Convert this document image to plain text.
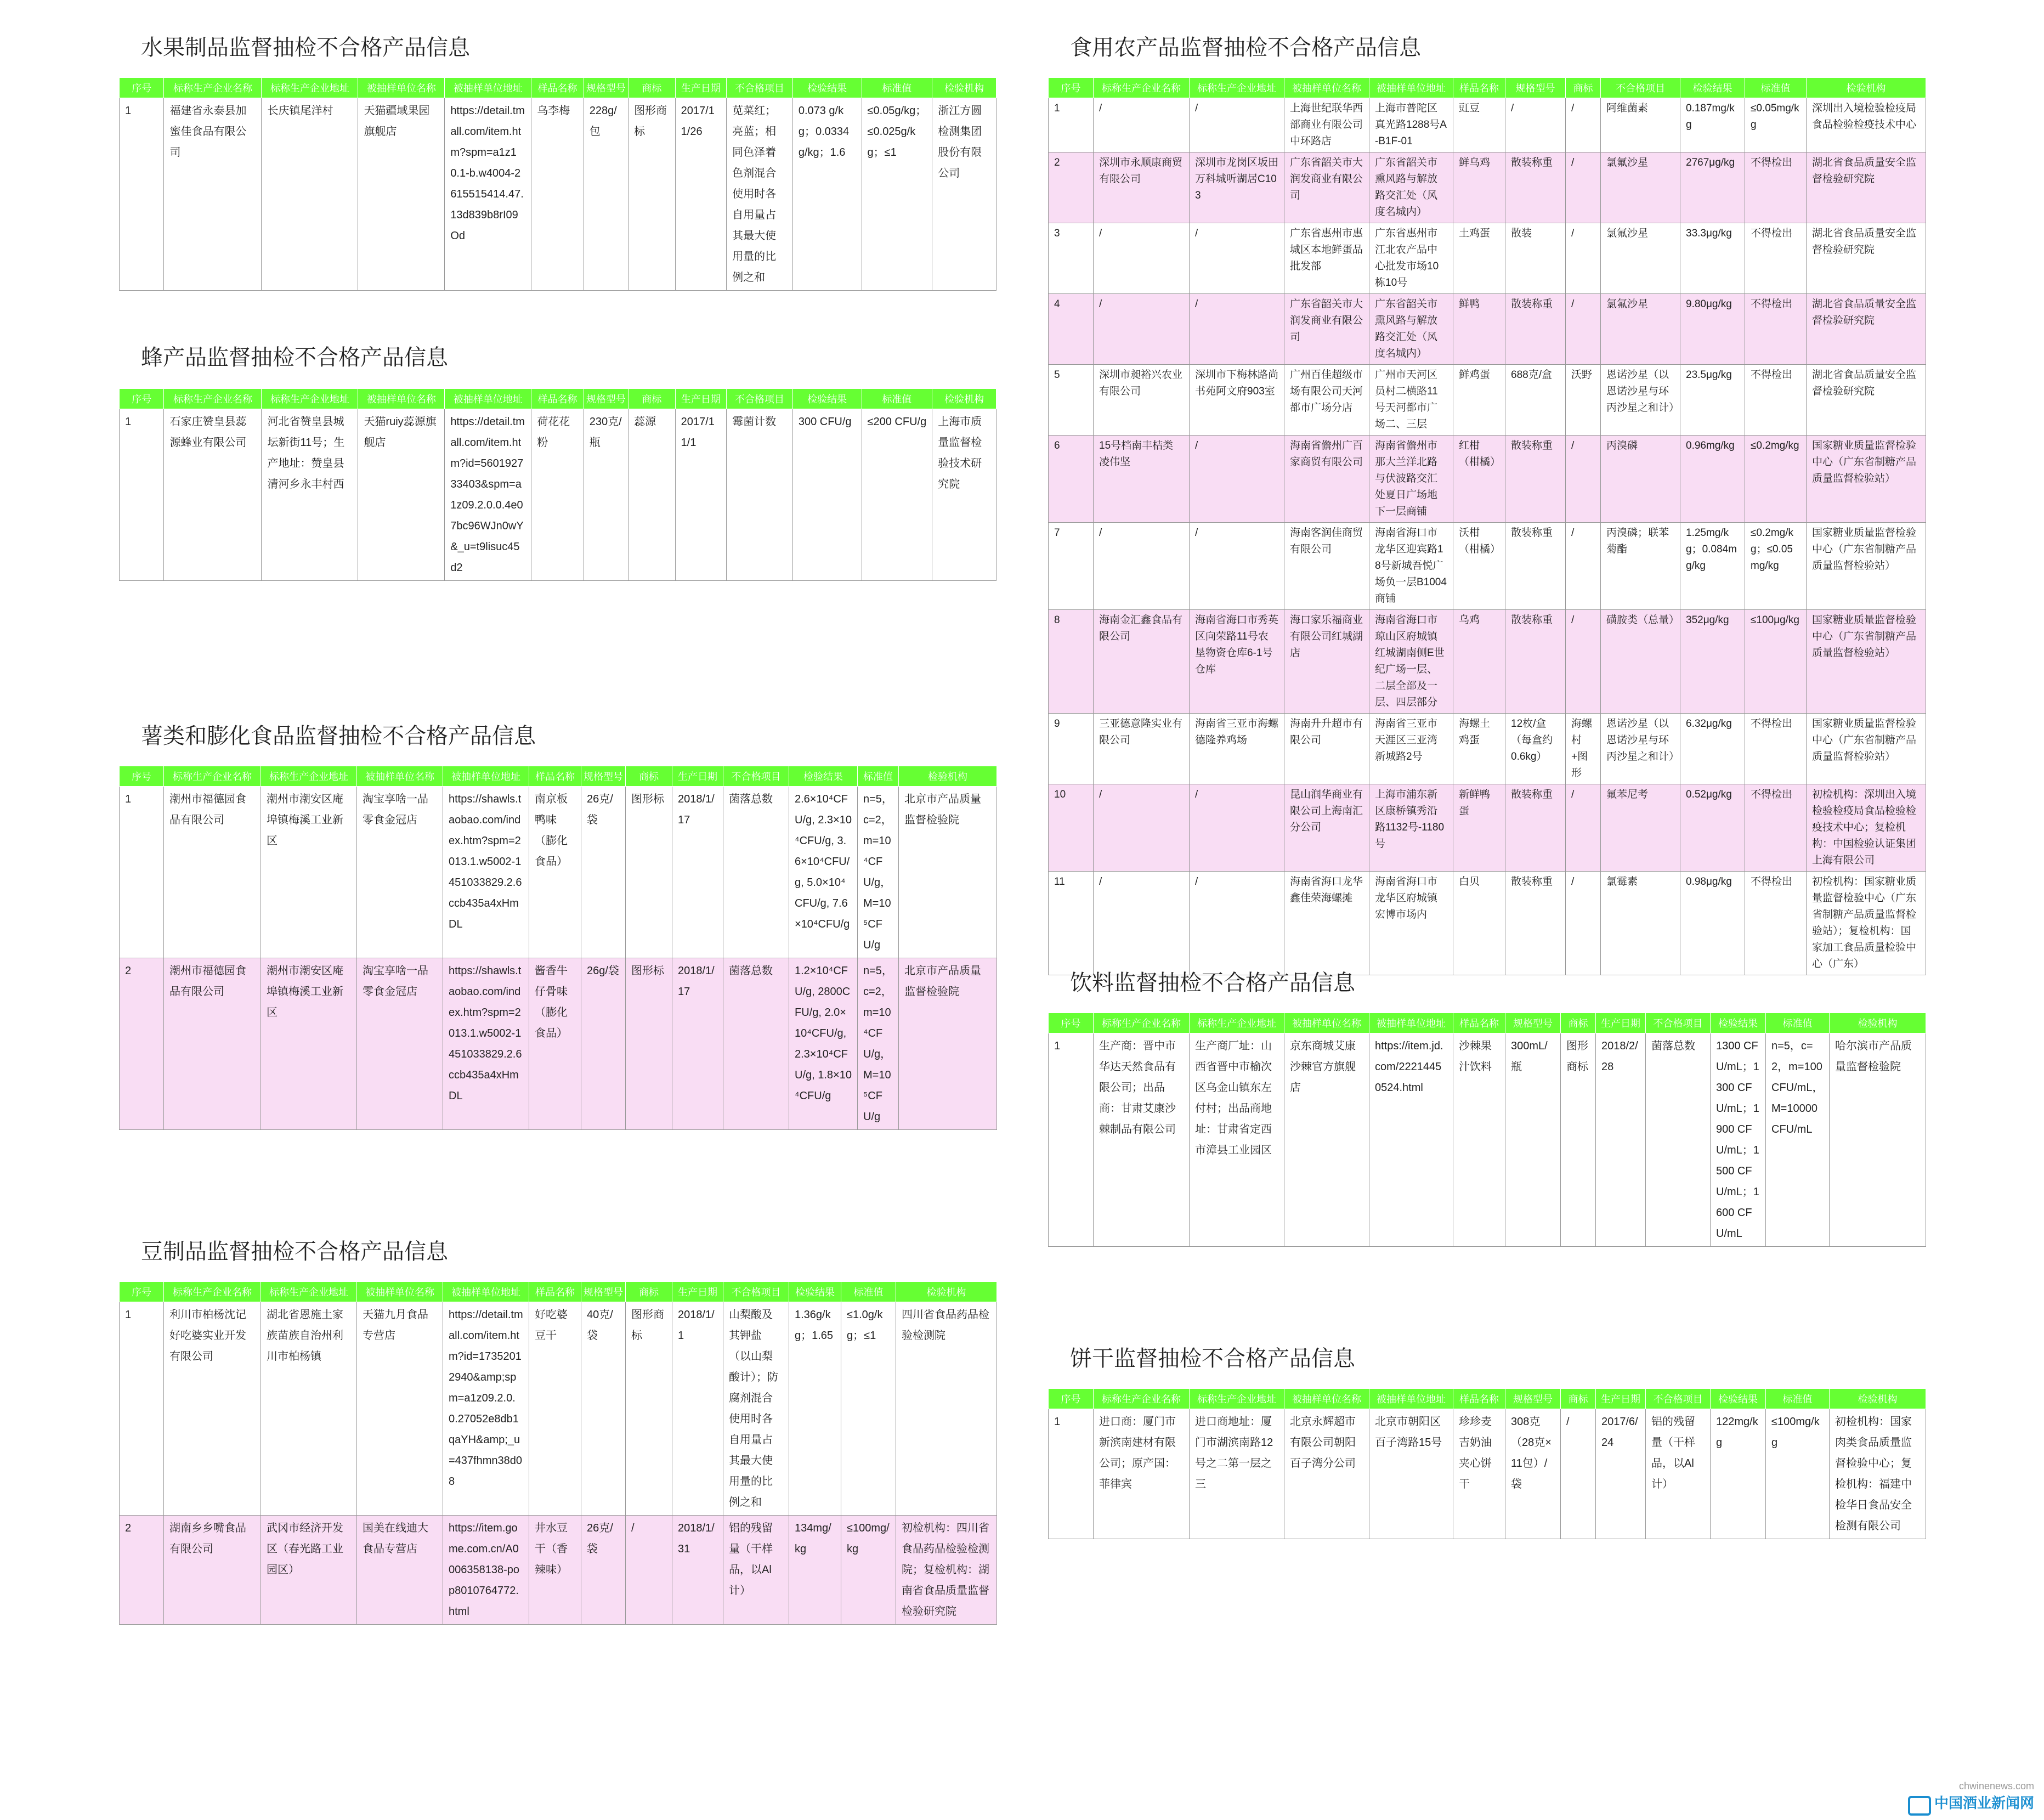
水果制品监督抽检不合格产品信息
序号	标称生产企业名称	标称生产企业地址	被抽样单位名称	被抽样单位地址	样品名称	规格型号	商标	生产日期	不合格项目	检验结果	标准值	检验机构
1	福建省永泰县加蜜佳食品有限公司	长庆镇尾洋村	天猫疆域果园旗舰店	https://detail.tmall.com/item.htm?spm=a1z10.1-b.w4004-2615515414.47.13d839b8rI09Od	乌李梅	228g/包	图形商标	2017/11/26	苋菜红；亮蓝；相同色泽着色剂混合使用时各自用量占其最大使用量的比例之和	0.073 g/kg；0.0334 g/kg；1.6	≤0.05g/kg；≤0.025g/kg；≤1	浙江方圆检测集团股份有限公司
蜂产品监督抽检不合格产品信息
序号	标称生产企业名称	标称生产企业地址	被抽样单位名称	被抽样单位地址	样品名称	规格型号	商标	生产日期	不合格项目	检验结果	标准值	检验机构
1	石家庄赞皇县蕊源蜂业有限公司	河北省赞皇县城坛新街11号；生产地址：赞皇县清河乡永丰村西	天猫ruiy蕊源旗舰店	https://detail.tmall.com/item.htm?id=560192733403&spm=a1z09.2.0.0.4e07bc96WJn0wY&_u=t9lisuc45d2	荷花花粉	230克/瓶	蕊源	2017/11/1	霉菌计数	300 CFU/g	≤200 CFU/g	上海市质量监督检验技术研究院
薯类和膨化食品监督抽检不合格产品信息
序号	标称生产企业名称	标称生产企业地址	被抽样单位名称	被抽样单位地址	样品名称	规格型号	商标	生产日期	不合格项目	检验结果	标准值	检验机构
1	潮州市福德园食品有限公司	潮州市潮安区庵埠镇梅溪工业新区	淘宝享啥一品零食金冠店	https://shawls.taobao.com/index.htm?spm=2013.1.w5002-1451033829.2.6ccb435a4xHmDL	南京板鸭味（膨化食品）	26克/袋	图形标	2018/1/17	菌落总数	2.6×10⁴CFU/g, 2.3×10⁴CFU/g, 3.6×10⁴CFU/g, 5.0×10⁴CFU/g, 7.6×10⁴CFU/g	n=5，c=2，m=10⁴CFU/g，M=10⁵CFU/g	北京市产品质量监督检验院
2	潮州市福德园食品有限公司	潮州市潮安区庵埠镇梅溪工业新区	淘宝享啥一品零食金冠店	https://shawls.taobao.com/index.htm?spm=2013.1.w5002-1451033829.2.6ccb435a4xHmDL	酱香牛仔骨味（膨化食品）	26g/袋	图形标	2018/1/17	菌落总数	1.2×10⁴CFU/g, 2800CFU/g, 2.0×10⁴CFU/g, 2.3×10⁴CFU/g, 1.8×10⁴CFU/g	n=5，c=2，m=10⁴CFU/g，M=10⁵CFU/g	北京市产品质量监督检验院
豆制品监督抽检不合格产品信息
序号	标称生产企业名称	标称生产企业地址	被抽样单位名称	被抽样单位地址	样品名称	规格型号	商标	生产日期	不合格项目	检验结果	标准值	检验机构
1	利川市柏杨沈记好吃婆实业开发有限公司	湖北省恩施土家族苗族自治州利川市柏杨镇	天猫九月食品专营店	https://detail.tmall.com/item.htm?id=17352012940&amp;spm=a1z09.2.0.0.27052e8db1qaYH&amp;_u=437fhmn38d08	好吃婆豆干	40克/袋	图形商标	2018/1/1	山梨酸及其钾盐（以山梨酸计）；防腐剂混合使用时各自用量占其最大使用量的比例之和	1.36g/kg；1.65	≤1.0g/kg；≤1	四川省食品药品检验检测院
2	湖南乡乡嘴食品有限公司	武冈市经济开发区（春光路工业园区）	国美在线迪大食品专营店	https://item.gome.com.cn/A0006358138-pop8010764772.html	井水豆干（香辣味）	26克/袋	/	2018/1/31	铝的残留量（干样品，以Al计）	134mg/kg	≤100mg/kg	初检机构：四川省食品药品检验检测院；复检机构：湖南省食品质量监督检验研究院
食用农产品监督抽检不合格产品信息
序号	标称生产企业名称	标称生产企业地址	被抽样单位名称	被抽样单位地址	样品名称	规格型号	商标	不合格项目	检验结果	标准值	检验机构
1	/	/	上海世纪联华西部商业有限公司中环路店	上海市普陀区真光路1288号A-B1F-01	豇豆	/	/	阿维菌素	0.187mg/kg	≤0.05mg/kg	深圳出入境检验检疫局食品检验检疫技术中心
2	深圳市永顺康商贸有限公司	深圳市龙岗区坂田万科城听湖居C103	广东省韶关市大润发商业有限公司	广东省韶关市熏风路与解放路交汇处（风度名城内）	鲜乌鸡	散装称重	/	氯氟沙星	2767μg/kg	不得检出	湖北省食品质量安全监督检验研究院
3	/	/	广东省惠州市惠城区本地鲜蛋品批发部	广东省惠州市江北农产品中心批发市场10栋10号	土鸡蛋	散装	/	氯氟沙星	33.3μg/kg	不得检出	湖北省食品质量安全监督检验研究院
4	/	/	广东省韶关市大润发商业有限公司	广东省韶关市熏风路与解放路交汇处（风度名城内）	鲜鸭	散装称重	/	氯氟沙星	9.80μg/kg	不得检出	湖北省食品质量安全监督检验研究院
5	深圳市昶裕兴农业有限公司	深圳市下梅林路尚书苑阿文府903室	广州百佳超级市场有限公司天河都市广场分店	广州市天河区员村二横路11号天河都市广场二、三层	鲜鸡蛋	688克/盒	沃野	恩诺沙星（以恩诺沙星与环丙沙星之和计）	23.5μg/kg	不得检出	湖北省食品质量安全监督检验研究院
6	15号档南丰桔类凌伟坚	/	海南省儋州广百家商贸有限公司	海南省儋州市那大兰洋北路与伏波路交汇处夏日广场地下一层商铺	红柑（柑橘）	散装称重	/	丙溴磷	0.96mg/kg	≤0.2mg/kg	国家糖业质量监督检验中心（广东省制糖产品质量监督检验站）
7	/	/	海南客润佳商贸有限公司	海南省海口市龙华区迎宾路18号新城吾悦广场负一层B1004商铺	沃柑（柑橘）	散装称重	/	丙溴磷；联苯菊酯	1.25mg/kg；0.084mg/kg	≤0.2mg/kg；≤0.05mg/kg	国家糖业质量监督检验中心（广东省制糖产品质量监督检验站）
8	海南金汇鑫食品有限公司	海南省海口市秀英区向荣路11号农垦物资仓库6-1号仓库	海口家乐福商业有限公司红城湖店	海南省海口市琼山区府城镇红城湖南侧E世纪广场一层、二层全部及一层、四层部分	乌鸡	散装称重	/	磺胺类（总量）	352μg/kg	≤100μg/kg	国家糖业质量监督检验中心（广东省制糖产品质量监督检验站）
9	三亚德意隆实业有限公司	海南省三亚市海螺德隆养鸡场	海南升升超市有限公司	海南省三亚市天涯区三亚湾新城路2号	海螺土鸡蛋	12枚/盒（每盒约0.6kg）	海螺村+图形	恩诺沙星（以恩诺沙星与环丙沙星之和计）	6.32μg/kg	不得检出	国家糖业质量监督检验中心（广东省制糖产品质量监督检验站）
10	/	/	昆山润华商业有限公司上海南汇分公司	上海市浦东新区康桥镇秀沿路1132号-1180号	新鲜鸭蛋	散装称重	/	氟苯尼考	0.52μg/kg	不得检出	初检机构：深圳出入境检验检疫局食品检验检疫技术中心；复检机构：中国检验认证集团上海有限公司
11	/	/	海南省海口龙华鑫佳荣海螺摊	海南省海口市龙华区府城镇宏博市场内	白贝	散装称重	/	氯霉素	0.98μg/kg	不得检出	初检机构：国家糖业质量监督检验中心（广东省制糖产品质量监督检验站）；复检机构：国家加工食品质量检验中心（广东）
饮料监督抽检不合格产品信息
序号	标称生产企业名称	标称生产企业地址	被抽样单位名称	被抽样单位地址	样品名称	规格型号	商标	生产日期	不合格项目	检验结果	标准值	检验机构
1	生产商：晋中市华达天然食品有限公司；出品商：甘肃艾康沙棘制品有限公司	生产商厂址：山西省晋中市榆次区乌金山镇东左付村；出品商地址：甘肃省定西市漳县工业园区	京东商城艾康沙棘官方旗舰店	https://item.jd.com/22214450524.html	沙棘果汁饮料	300mL/瓶	图形商标	2018/2/28	菌落总数	1300 CFU/mL；1300 CFU/mL；1900 CFU/mL；1500 CFU/mL；1600 CFU/mL	n=5，c=2，m=100 CFU/mL，M=10000 CFU/mL	哈尔滨市产品质量监督检验院
饼干监督抽检不合格产品信息
序号	标称生产企业名称	标称生产企业地址	被抽样单位名称	被抽样单位地址	样品名称	规格型号	商标	生产日期	不合格项目	检验结果	标准值	检验机构
1	进口商：厦门市新滨南建材有限公司；原产国：菲律宾	进口商地址：厦门市湖滨南路12号之二第一层之三	北京永辉超市有限公司朝阳百子湾分公司	北京市朝阳区百子湾路15号	珍珍麦吉奶油夹心饼干	308克（28克×11包）/袋	/	2017/6/24	铝的残留量（干样品，以Al计）	122mg/kg	≤100mg/kg	初检机构：国家肉类食品质量监督检验中心；复检机构：福建中检华日食品安全检测有限公司
chwinenews.com
中国酒业新闻网
